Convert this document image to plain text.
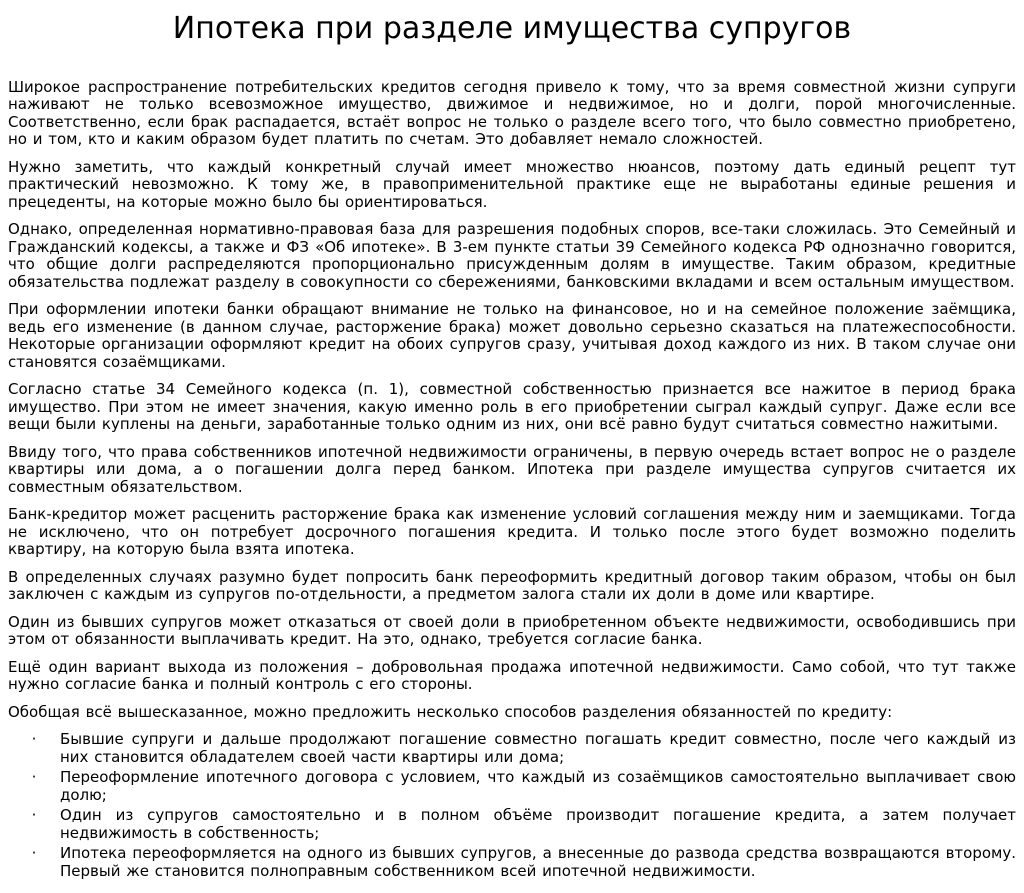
Ипотека при разделе имущества супругов

Широкое распространение потребительских кредитов сегодня привело к тому, что за время совместной жизни супруги наживают не только всевозможное имущество, движимое и недвижимое, но и долги, порой многочисленные. Соответственно, если брак распадается, встаёт вопрос не только о разделе всего того, что было совместно приобретено, но и том, кто и каким образом будет платить по счетам. Это добавляет немало сложностей.

Нужно заметить, что каждый конкретный случай имеет множество нюансов, поэтому дать единый рецепт тут практический невозможно. К тому же, в правоприменительной практике еще не выработаны единые решения и прецеденты, на которые можно было бы ориентироваться.

Однако, определенная нормативно-правовая база для разрешения подобных споров, все-таки сложилась. Это Семейный и Гражданский кодексы, а также и ФЗ «Об ипотеке». В 3-ем пункте статьи 39 Семейного кодекса РФ однозначно говорится, что общие долги распределяются пропорционально присужденным долям в имуществе. Таким образом, кредитные обязательства подлежат разделу в совокупности со сбережениями, банковскими вкладами и всем остальным имуществом.

При оформлении ипотеки банки обращают внимание не только на финансовое, но и на семейное положение заёмщика, ведь его изменение (в данном случае, расторжение брака) может довольно серьезно сказаться на платежеспособности. Некоторые организации оформляют кредит на обоих супругов сразу, учитывая доход каждого из них. В таком случае они становятся созаёмщиками.

Согласно статье 34 Семейного кодекса (п. 1), совместной собственностью признается все нажитое в период брака имущество. При этом не имеет значения, какую именно роль в его приобретении сыграл каждый супруг. Даже если все вещи были куплены на деньги, заработанные только одним из них, они всё равно будут считаться совместно нажитыми.

Ввиду того, что права собственников ипотечной недвижимости ограничены, в первую очередь встает вопрос не о разделе квартиры или дома, а о погашении долга перед банком. Ипотека при разделе имущества супругов считается их совместным обязательством.

Банк-кредитор может расценить расторжение брака как изменение условий соглашения между ним и заемщиками. Тогда не исключено, что он потребует досрочного погашения кредита. И только после этого будет возможно поделить квартиру, на которую была взята ипотека.

В определенных случаях разумно будет попросить банк переоформить кредитный договор таким образом, чтобы он был заключен с каждым из супругов по-отдельности, а предметом залога стали их доли в доме или квартире.

Один из бывших супругов может отказаться от своей доли в приобретенном объекте недвижимости, освободившись при этом от обязанности выплачивать кредит. На это, однако, требуется согласие банка.

Ещё один вариант выхода из положения – добровольная продажа ипотечной недвижимости. Само собой, что тут также нужно согласие банка и полный контроль с его стороны.

Обобщая всё вышесказанное, можно предложить несколько способов разделения обязанностей по кредиту:

·	Бывшие супруги и дальше продолжают погашение совместно погашать кредит совместно, после чего каждый из них становится обладателем своей части квартиры или дома;
·	Переоформление ипотечного договора с условием, что каждый из созаёмщиков самостоятельно выплачивает свою долю;
·	Один из супругов самостоятельно и в полном объёме производит погашение кредита, а затем получает недвижимость в собственность;
·	Ипотека переоформляется на одного из бывших супругов, а внесенные до развода средства возвращаются второму. Первый же становится полноправным собственником всей ипотечной недвижимости.
